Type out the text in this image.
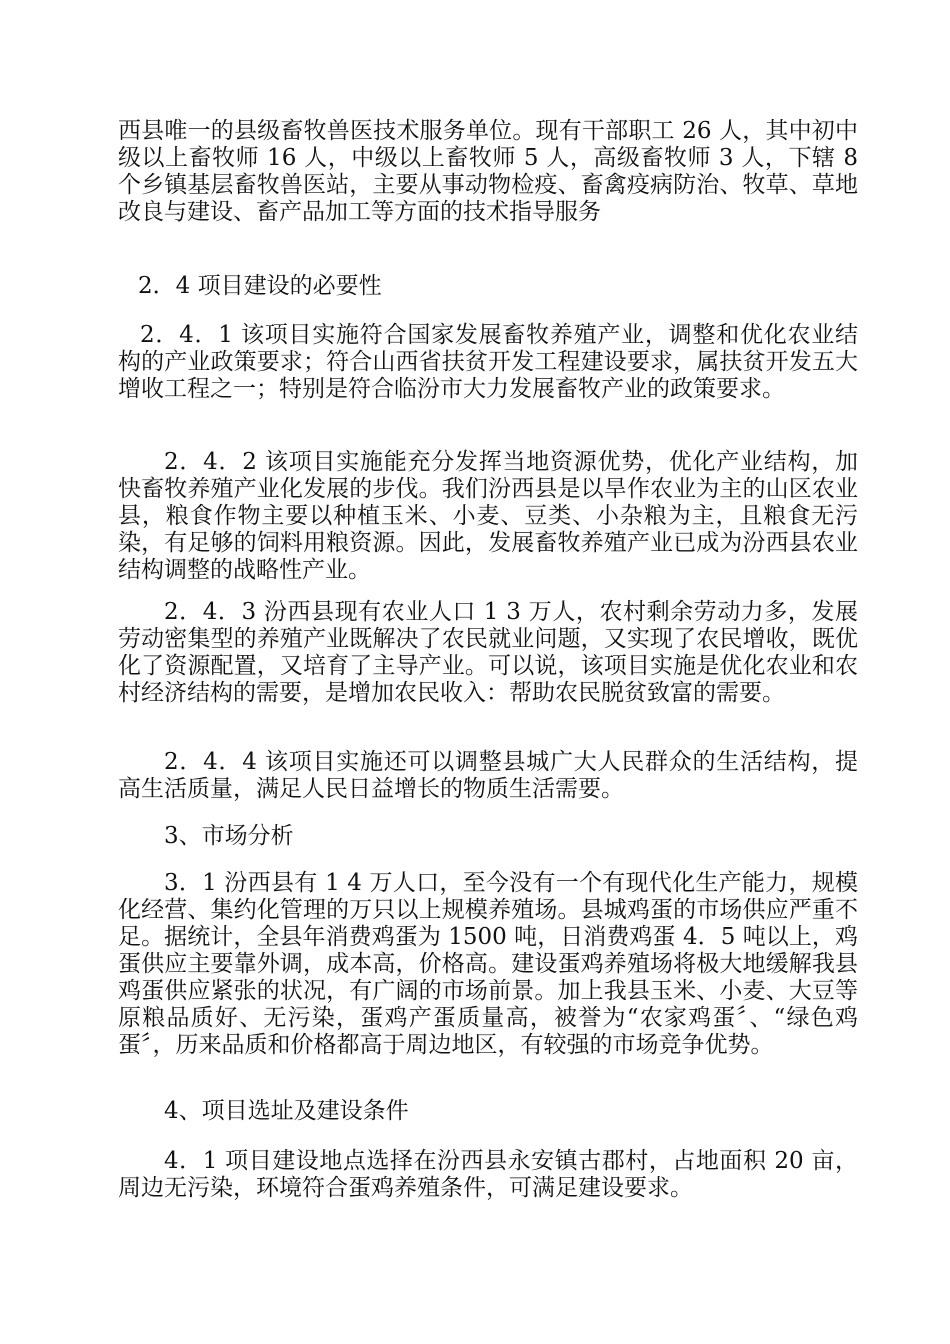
西县唯一的县级畜牧兽医技术服务单位。现有干部职工 26 人，其中初中级以上畜牧师 16 人，中级以上畜牧师 5 人，高级畜牧师 3 人，下辖 8 个乡镇基层畜牧兽医站，主要从事动物检疫、畜禽疫病防治、牧草、草地改良与建设、畜产品加工等方面的技术指导服务
2．4 项目建设的必要性
2．4．1 该项目实施符合国家发展畜牧养殖产业，调整和优化农业结构的产业政策要求；符合山西省扶贫开发工程建设要求，属扶贫开发五大增收工程之一；特别是符合临汾市大力发展畜牧产业的政策要求。
2．4．2 该项目实施能充分发挥当地资源优势，优化产业结构，加快畜牧养殖产业化发展的步伐。我们汾西县是以旱作农业为主的山区农业县，粮食作物主要以种植玉米、小麦、豆类、小杂粮为主，且粮食无污染，有足够的饲料用粮资源。因此，发展畜牧养殖产业已成为汾西县农业结构调整的战略性产业。
2．4．3 汾西县现有农业人口 1 3 万人，农村剩余劳动力多，发展劳动密集型的养殖产业既解决了农民就业问题，又实现了农民增收，既优化了资源配置，又培育了主导产业。可以说，该项目实施是优化农业和农村经济结构的需要，是增加农民收入：帮助农民脱贫致富的需要。
2．4．4 该项目实施还可以调整县城广大人民群众的生活结构，提高生活质量，满足人民日益增长的物质生活需要。
3、市场分析
3．1 汾西县有 1 4 万人口，至今没有一个有现代化生产能力，规模化经营、集约化管理的万只以上规模养殖场。县城鸡蛋的市场供应严重不足。据统计，全县年消费鸡蛋为 1500 吨，日消费鸡蛋 4．5 吨以上，鸡蛋供应主要靠外调，成本高，价格高。建设蛋鸡养殖场将极大地缓解我县鸡蛋供应紧张的状况，有广阔的市场前景。加上我县玉米、小麦、大豆等原粮品质好、无污染，蛋鸡产蛋质量高，被誉为“农家鸡蛋〞、“绿色鸡蛋〞，历来品质和价格都高于周边地区，有较强的市场竞争优势。
4、项目选址及建设条件
4．1 项目建设地点选择在汾西县永安镇古郡村，占地面积 20 亩，周边无污染，环境符合蛋鸡养殖条件，可满足建设要求。
